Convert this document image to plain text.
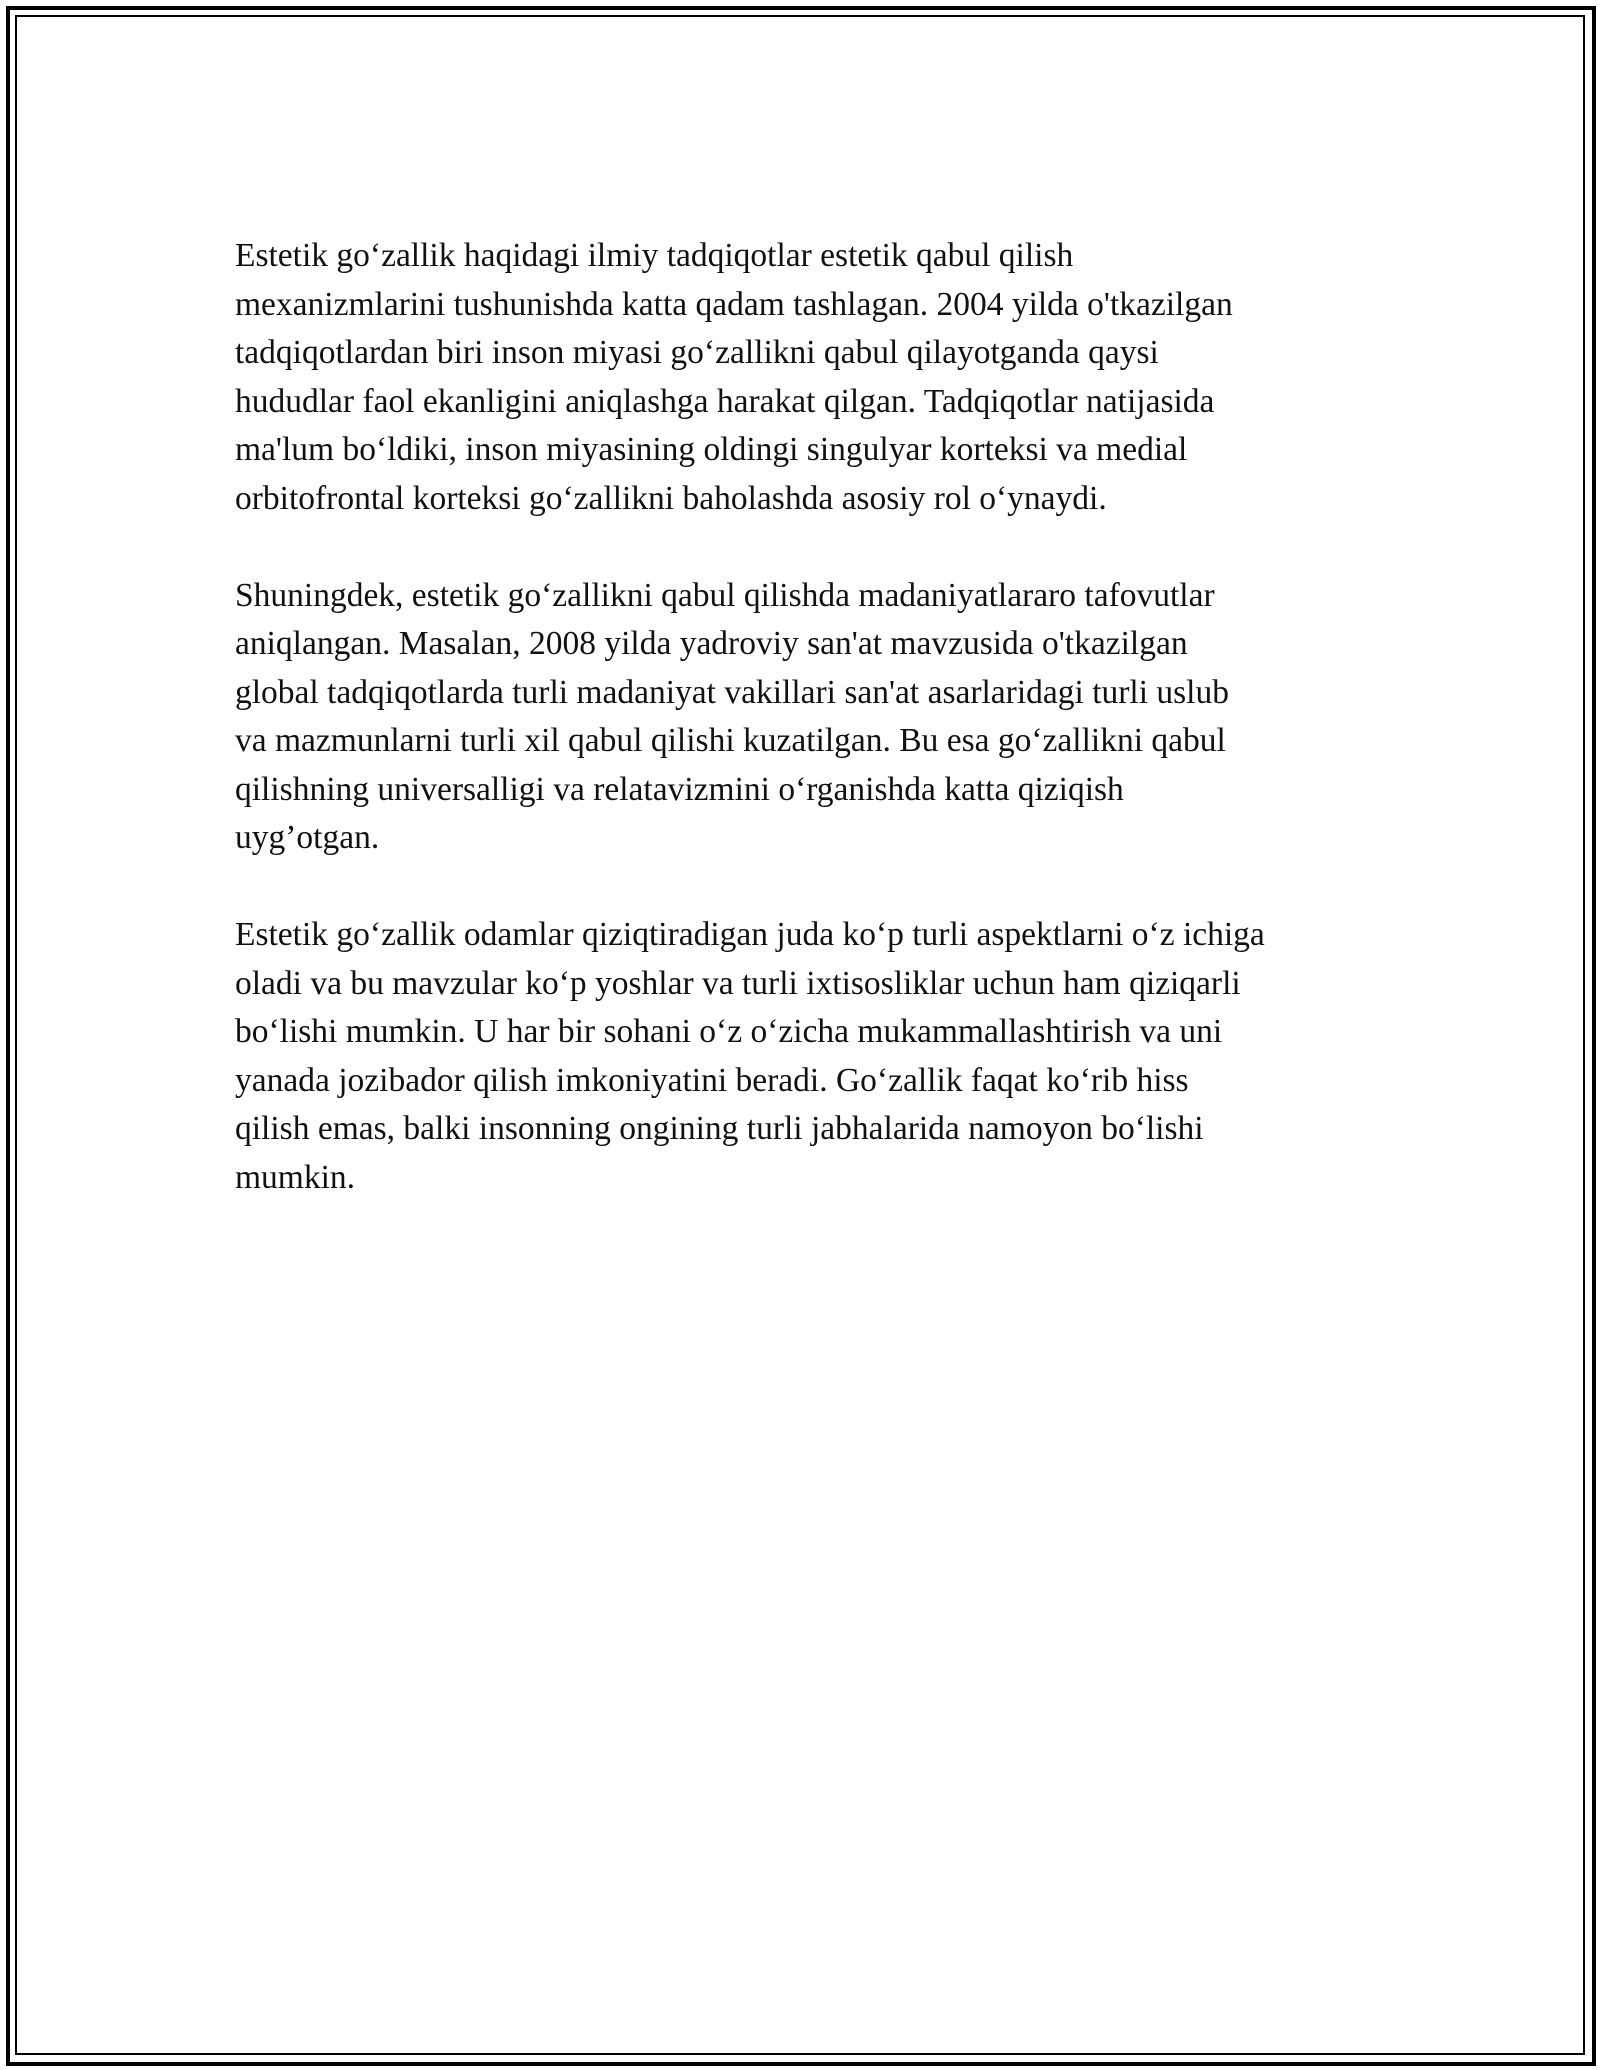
Estetik go‘zallik haqidagi ilmiy tadqiqotlar estetik qabul qilish
mexanizmlarini tushunishda katta qadam tashlagan. 2004 yilda o'tkazilgan
tadqiqotlardan biri inson miyasi go‘zallikni qabul qilayotganda qaysi
hududlar faol ekanligini aniqlashga harakat qilgan. Tadqiqotlar natijasida
ma'lum bo‘ldiki, inson miyasining oldingi singulyar korteksi va medial
orbitofrontal korteksi go‘zallikni baholashda asosiy rol o‘ynaydi.

Shuningdek, estetik go‘zallikni qabul qilishda madaniyatlararo tafovutlar
aniqlangan. Masalan, 2008 yilda yadroviy san'at mavzusida o'tkazilgan
global tadqiqotlarda turli madaniyat vakillari san'at asarlaridagi turli uslub
va mazmunlarni turli xil qabul qilishi kuzatilgan. Bu esa go‘zallikni qabul
qilishning universalligi va relatavizmini o‘rganishda katta qiziqish
uyg’otgan.

Estetik go‘zallik odamlar qiziqtiradigan juda ko‘p turli aspektlarni o‘z ichiga
oladi va bu mavzular ko‘p yoshlar va turli ixtisosliklar uchun ham qiziqarli
bo‘lishi mumkin. U har bir sohani o‘z o‘zicha mukammallashtirish va uni
yanada jozibador qilish imkoniyatini beradi. Go‘zallik faqat ko‘rib hiss
qilish emas, balki insonning ongining turli jabhalarida namoyon bo‘lishi
mumkin.
